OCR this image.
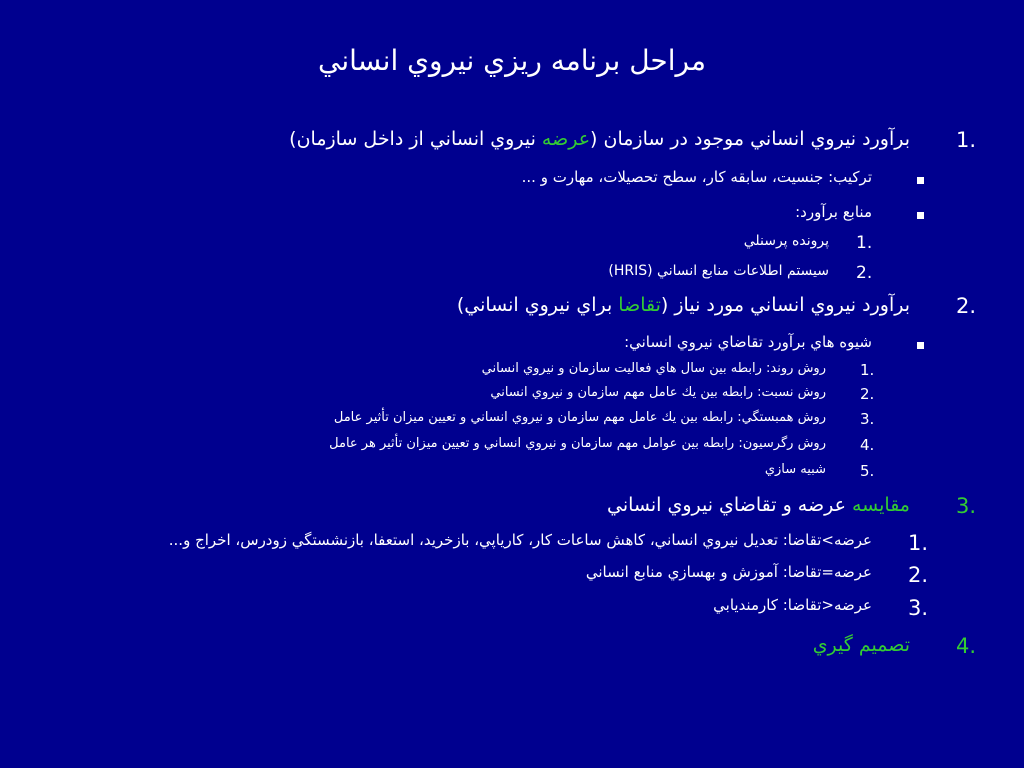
مراحل برنامه ريزي نيروي انساني
1.
برآورد نيروي انساني موجود در سازمان (عرضه نيروي انساني از داخل سازمان)
ترکيب: جنسيت، سابقه کار، سطح تحصيلات، مهارت و ...
منابع برآورد:
1.
پرونده پرسنلي
2.
سيستم اطلاعات منابع انساني (HRIS)
2.
برآورد نيروي انساني مورد نياز (تقاضا براي نيروي انساني)
شيوه هاي برآورد تقاضاي نيروي انساني:
1.
روش روند: رابطه بين سال هاي فعاليت سازمان و نيروي انساني
2.
روش نسبت: رابطه بين يك عامل مهم سازمان و نيروي انساني
3.
روش همبستگي: رابطه بين يك عامل مهم سازمان و نيروي انساني و تعيين ميزان تأثير عامل
4.
روش رگرسيون: رابطه بين عوامل مهم سازمان و نيروي انساني و تعيين ميزان تأثير هر عامل
5.
شبيه سازي
3.
مقايسه عرضه و تقاضاي نيروي انساني
1.
عرضه>تقاضا: تعديل نيروي انساني، كاهش ساعات كار، كارياپي، بازخريد، استعفا، بازنشستگي زودرس، اخراج و...
2.
عرضه=تقاضا: آموزش و بهسازي منابع انساني
3.
عرضه<تقاضا: كارمنديابي
4.
تصميم گيري
